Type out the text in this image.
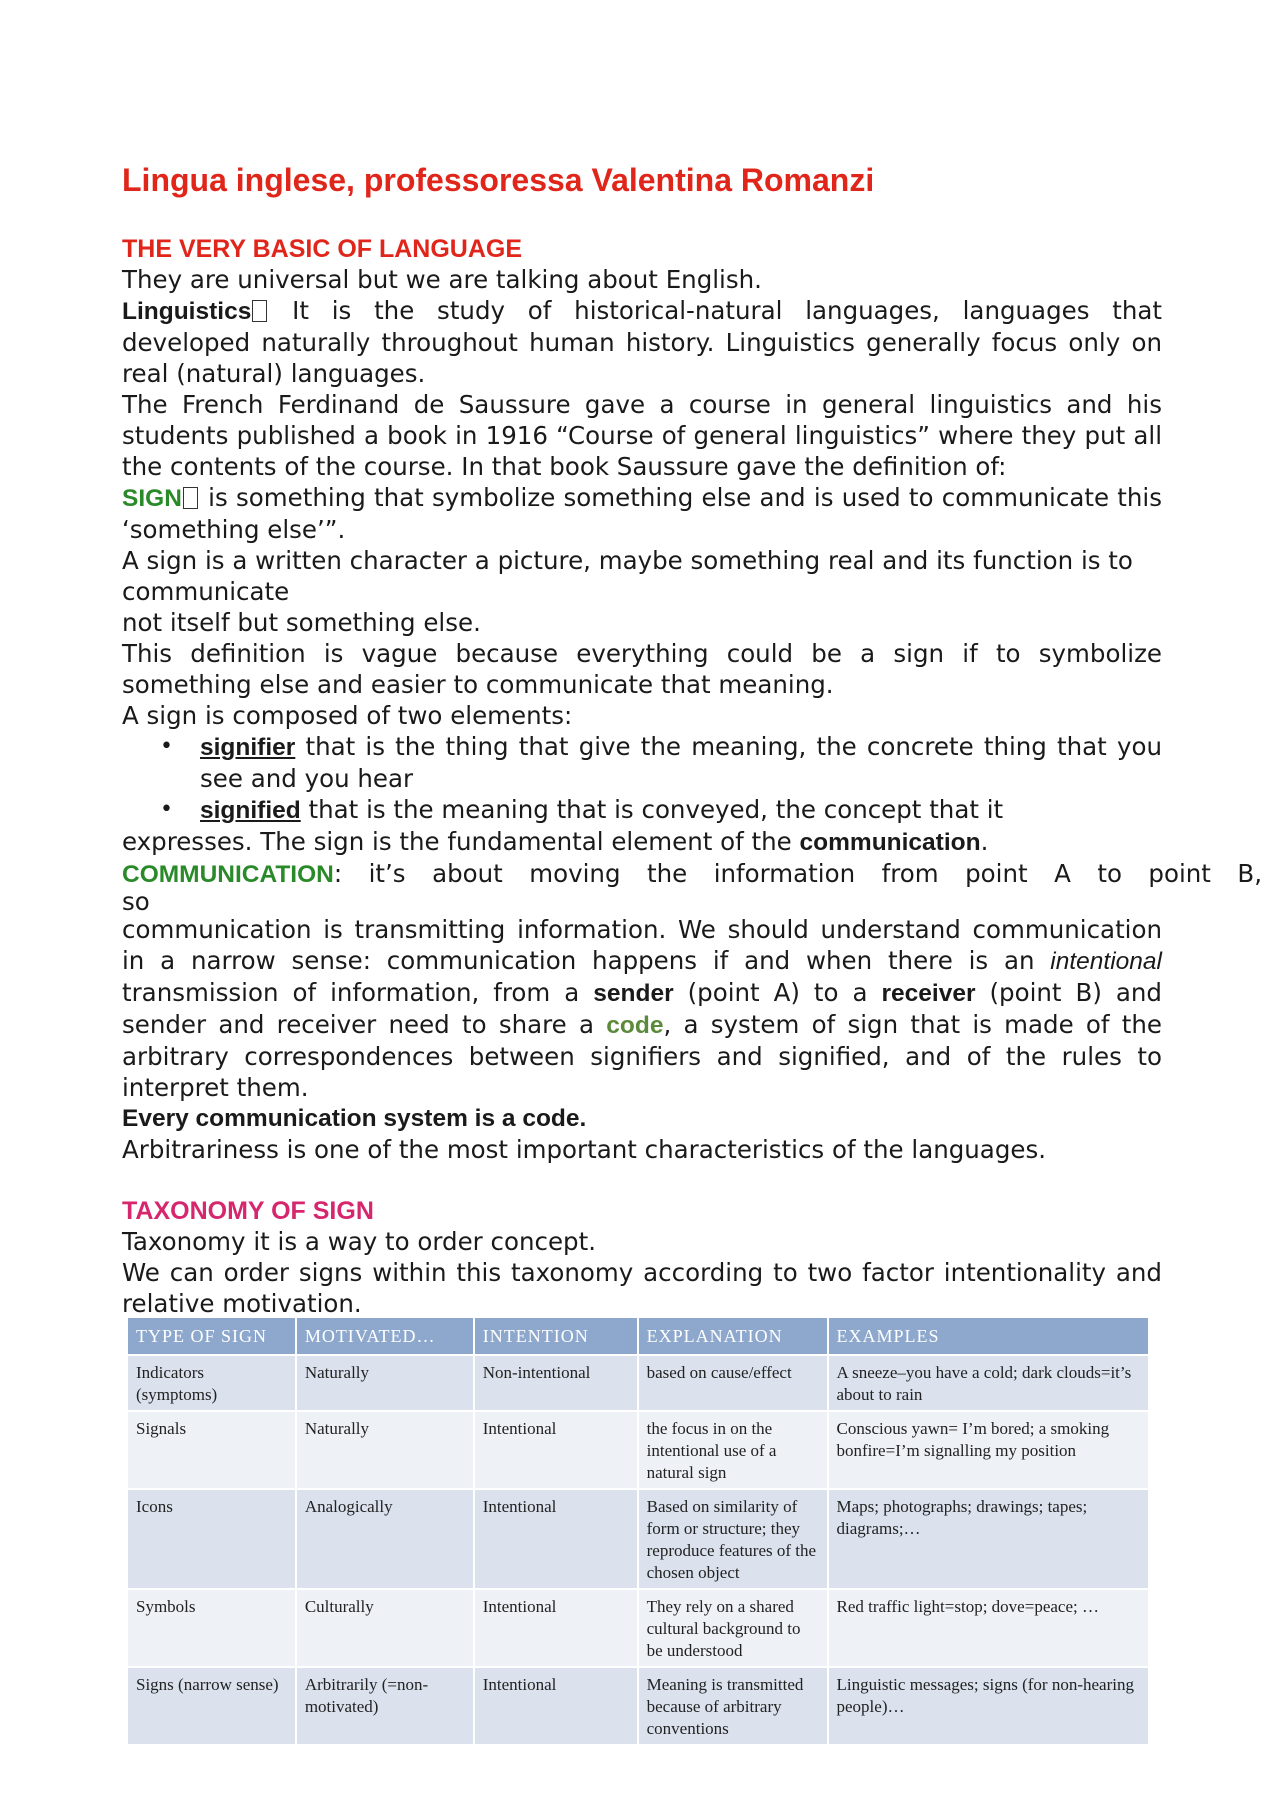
Lingua inglese, professoressa Valentina Romanzi
THE VERY BASIC OF LANGUAGE

They are universal but we are talking about English.

Linguistics It is the study of historical-natural languages, languages that developed naturally throughout human history. Linguistics generally focus only on real (natural) languages.

The French Ferdinand de Saussure gave a course in general linguistics and his students published a book in 1916 “Course of general linguistics” where they put all the contents of the course. In that book Saussure gave the definition of:

SIGN is something that symbolize something else and is used to communicate this ‘something else’”.

A sign is a written character a picture, maybe something real and its function is to communicate

not itself but something else.

This definition is vague because everything could be a sign if to symbolize something else and easier to communicate that meaning.

A sign is composed of two elements:

• signifier that is the thing that give the meaning, the concrete thing that you see and you hear
• signified that is the meaning that is conveyed, the concept that it

expresses. The sign is the fundamental element of the communication.

COMMUNICATION: it’s about moving the information from point A to point B,

so

communication is transmitting information. We should understand communication in a narrow sense: communication happens if and when there is an intentional transmission of information, from a sender (point A) to a receiver (point B) and sender and receiver need to share a code, a system of sign that is made of the arbitrary correspondences between signifiers and signified, and of the rules to interpret them.

Every communication system is a code.

Arbitrariness is one of the most important characteristics of the languages.

TAXONOMY OF SIGN

Taxonomy it is a way to order concept.

We can order signs within this taxonomy according to two factor intentionality and relative motivation.

TYPE OF SIGN	MOTIVATED…	INTENTION	EXPLANATION	EXAMPLES
Indicators (symptoms)	Naturally	Non-intentional	based on cause/effect	A sneeze–you have a cold; dark clouds=it’s about to rain
Signals	Naturally	Intentional	the focus in on the intentional use of a natural sign	Conscious yawn= I’m bored; a smoking bonfire=I’m signalling my position
Icons	Analogically	Intentional	Based on similarity of form or structure; they reproduce features of the chosen object	Maps; photographs; drawings; tapes; diagrams;…
Symbols	Culturally	Intentional	They rely on a shared cultural background to be understood	Red traffic light=stop; dove=peace; …
Signs (narrow sense)	Arbitrarily (=non-motivated)	Intentional	Meaning is transmitted because of arbitrary conventions	Linguistic messages; signs (for non-hearing people)…
